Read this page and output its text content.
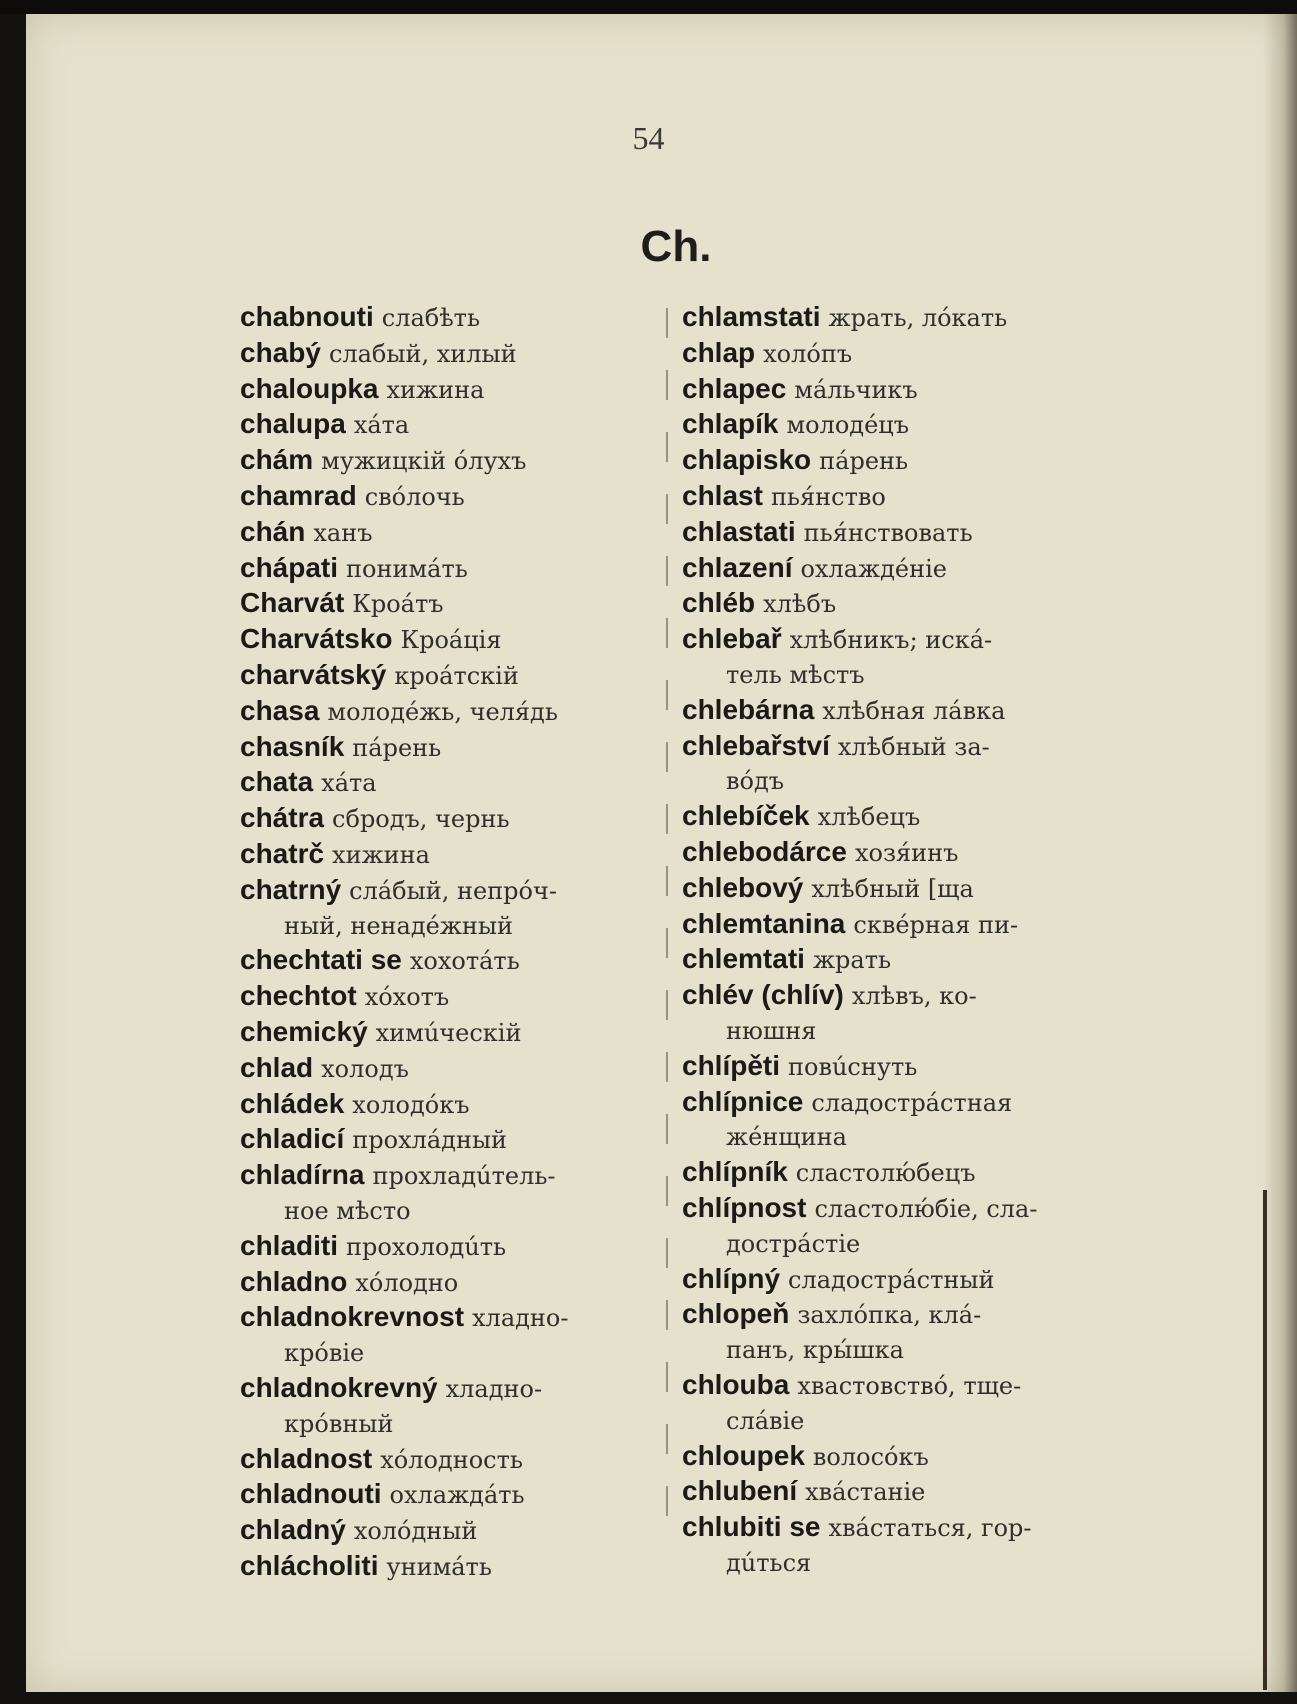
54
Ch.

chabnouti слабѣть

chabý слабый, хилый

chaloupka хижина

chalupa хáта

chám мужицкій óлухъ

chamrad свóлочь

chán ханъ

chápati понимáть

Charvát Кроáтъ

Charvátsko Кроáція

charvátský кроáтскій

chasa молодéжь, челя́дь

chasník пáрень

chata хáта

chátra сбродъ, чернь

chatrč хижина

chatrný слáбый, непрóч-
ный, ненадéжный

chechtati se хохотáть

chechtot хóхотъ

chemický химúческій

chlad холодъ

chládek холодóкъ

chladicí прохлáдный

chladírna прохладúтель-
ное мѣсто

chladiti прохолодúть

chladno хóлодно

chladnokrevnost хладно-
крóвіе

chladnokrevný хладно-
крóвный

chladnost хóлодность

chladnouti охлаждáть

chladný холóдный

chlácholiti унимáть

chlamstati жрать, лóкать

chlap холóпъ

chlapec мáльчикъ

chlapík молодéцъ

chlapisko пáрень

chlast пья́нство

chlastati пья́нствовать

chlazení охлаждéніе

chléb хлѣбъ

chlebař хлѣбникъ; искá-
тель мѣстъ

chlebárna хлѣбная лáвка

chlebařství хлѣбный за-
вóдъ

chlebíček хлѣбецъ

chlebodárce хозя́инъ

chlebový хлѣбный [ща

chlemtanina сквéрная пи-

chlemtati жрать

chlév (chlív) хлѣвъ, ко-
нюшня

chlípěti повúснуть

chlípnice сладострáстная
жéнщина

chlípník сластолю́бецъ

chlípnost сластолю́біе, сла-
дострáстіе

chlípný сладострáстный

chlopeň захлóпка, клá-
панъ, кры́шка

chlouba хвастовствó, тще-
слáвіе

chloupek волосóкъ

chlubení хвáстаніе

chlubiti se хвáстаться, гор-
дúться
